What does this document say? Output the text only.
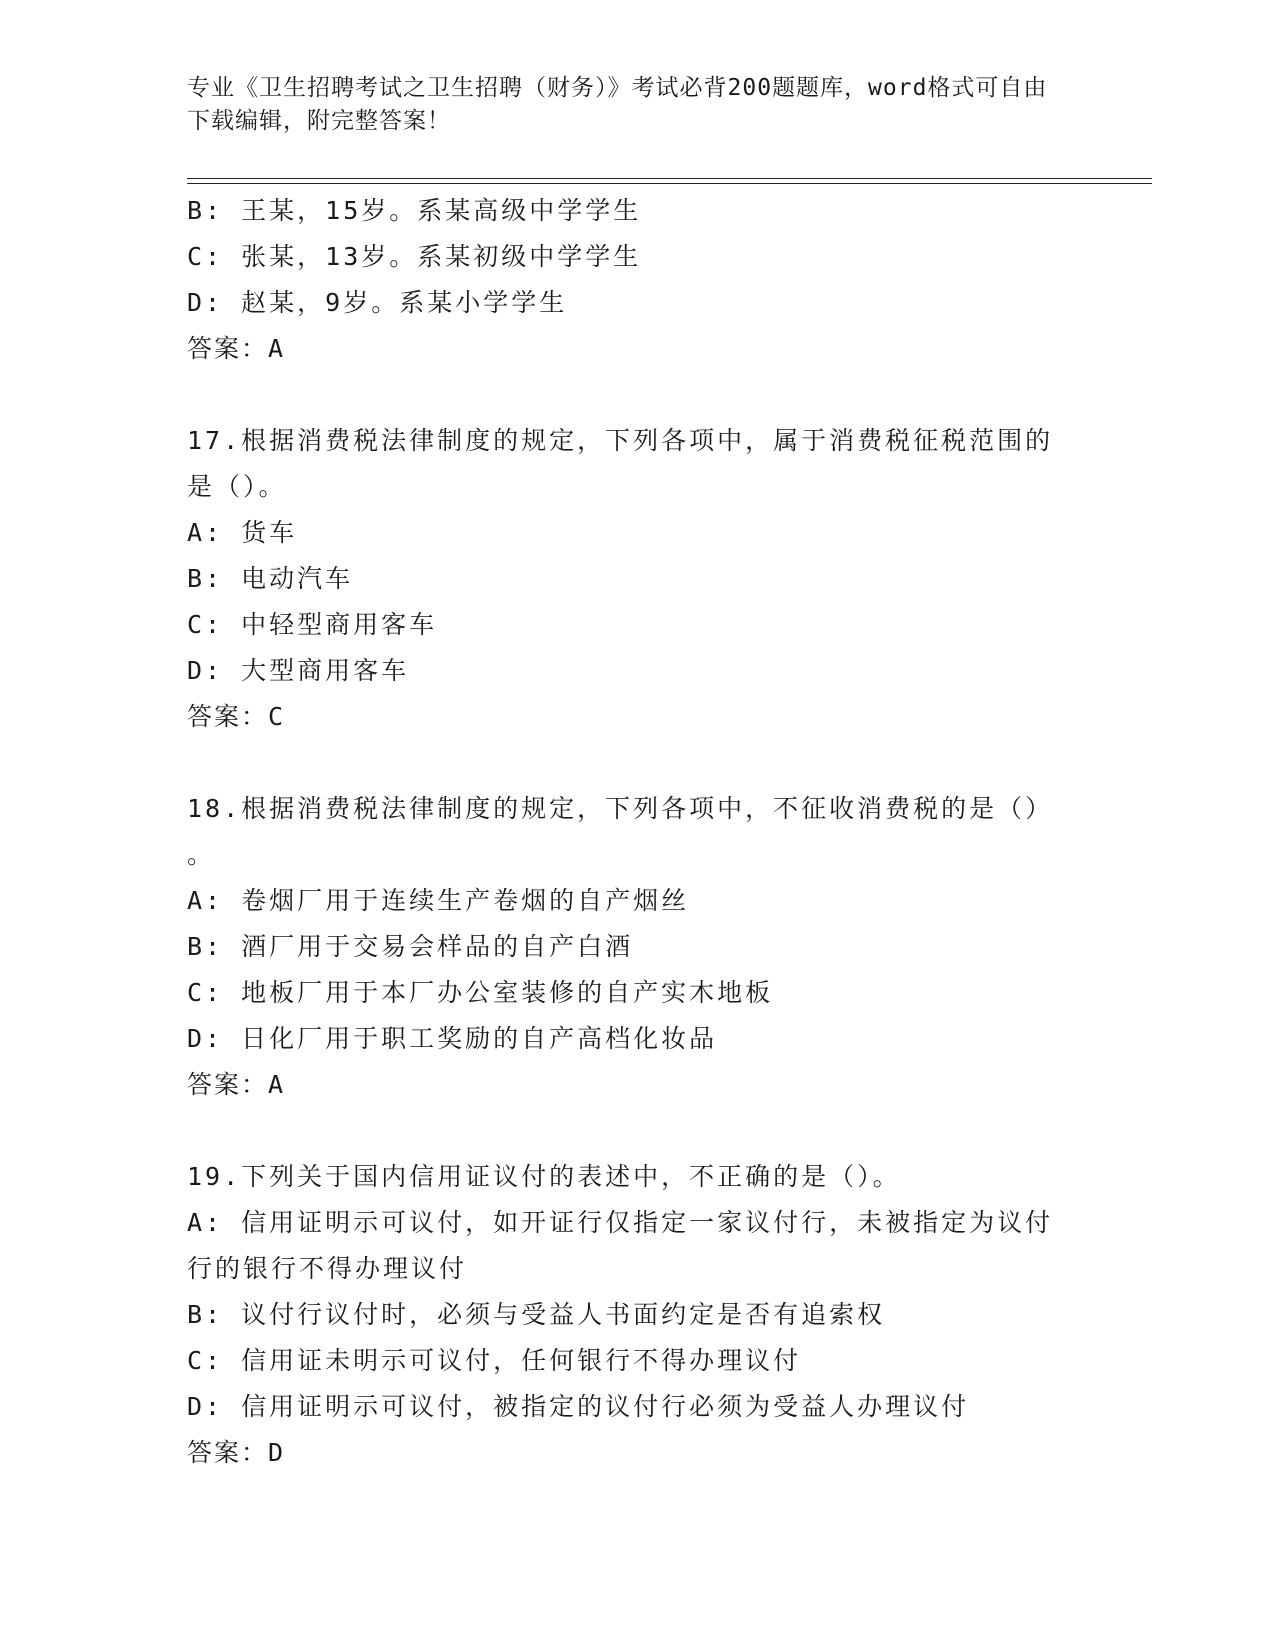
专业《卫生招聘考试之卫生招聘（财务）》考试必背200题题库，word格式可自由下载编辑，附完整答案！
B: 王某，15岁。系某高级中学学生
C: 张某，13岁。系某初级中学学生
D: 赵某，9岁。系某小学学生
答案：A
17.根据消费税法律制度的规定，下列各项中，属于消费税征税范围的
是（）。
A: 货车
B: 电动汽车
C: 中轻型商用客车
D: 大型商用客车
答案：C
18.根据消费税法律制度的规定，下列各项中，不征收消费税的是（）
。
A: 卷烟厂用于连续生产卷烟的自产烟丝
B: 酒厂用于交易会样品的自产白酒
C: 地板厂用于本厂办公室装修的自产实木地板
D: 日化厂用于职工奖励的自产高档化妆品
答案：A
19.下列关于国内信用证议付的表述中，不正确的是（）。
A: 信用证明示可议付，如开证行仅指定一家议付行，未被指定为议付
行的银行不得办理议付
B: 议付行议付时，必须与受益人书面约定是否有追索权
C: 信用证未明示可议付，任何银行不得办理议付
D: 信用证明示可议付，被指定的议付行必须为受益人办理议付
答案：D
